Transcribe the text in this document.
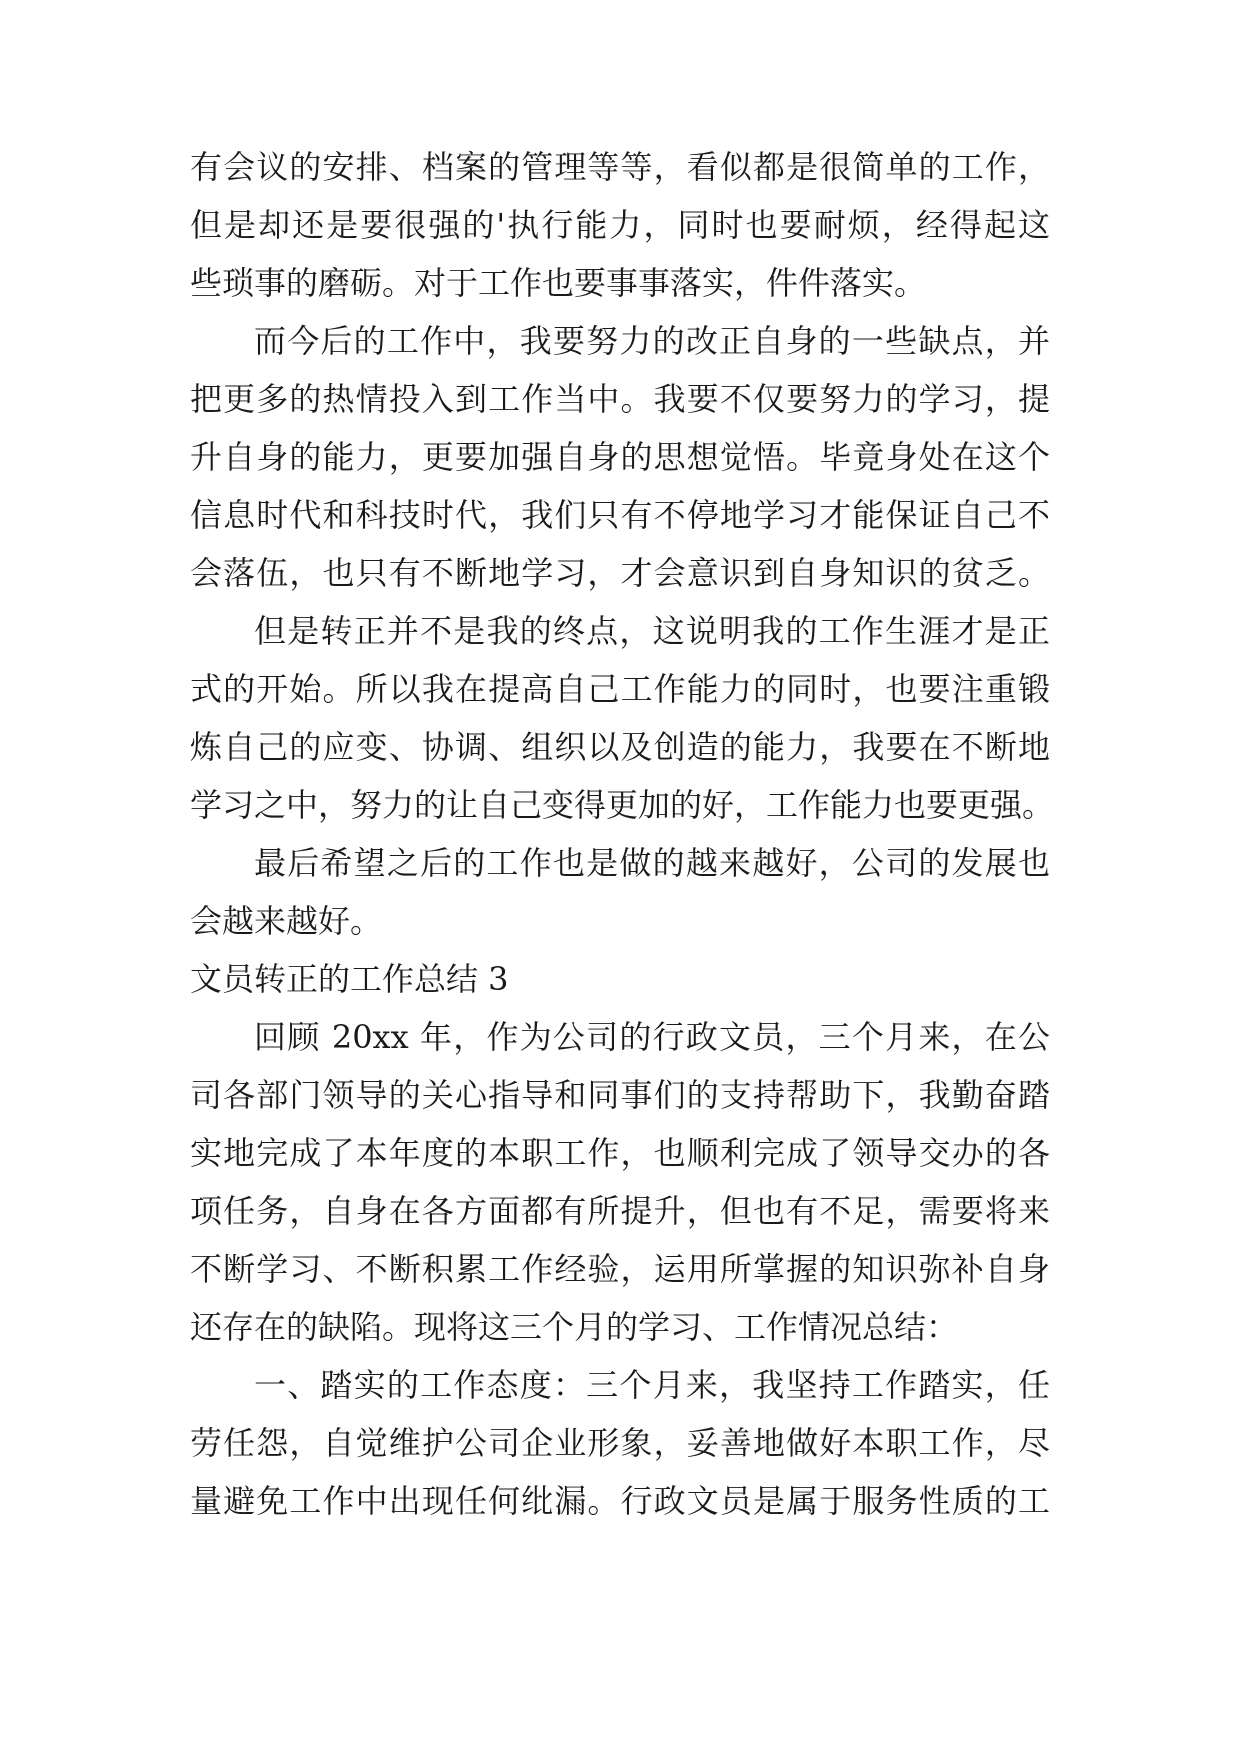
有会议的安排、档案的管理等等，看似都是很简单的工作，
但是却还是要很强的'执行能力，同时也要耐烦，经得起这
些琐事的磨砺。对于工作也要事事落实，件件落实。
而今后的工作中，我要努力的改正自身的一些缺点，并
把更多的热情投入到工作当中。我要不仅要努力的学习，提
升自身的能力，更要加强自身的思想觉悟。毕竟身处在这个
信息时代和科技时代，我们只有不停地学习才能保证自己不
会落伍，也只有不断地学习，才会意识到自身知识的贫乏。
但是转正并不是我的终点，这说明我的工作生涯才是正
式的开始。所以我在提高自己工作能力的同时，也要注重锻
炼自己的应变、协调、组织以及创造的能力，我要在不断地
学习之中，努力的让自己变得更加的好，工作能力也要更强。
最后希望之后的工作也是做的越来越好，公司的发展也
会越来越好。
文员转正的工作总结 3
回顾 20xx 年，作为公司的行政文员，三个月来，在公
司各部门领导的关心指导和同事们的支持帮助下，我勤奋踏
实地完成了本年度的本职工作，也顺利完成了领导交办的各
项任务，自身在各方面都有所提升，但也有不足，需要将来
不断学习、不断积累工作经验，运用所掌握的知识弥补自身
还存在的缺陷。现将这三个月的学习、工作情况总结：
一、踏实的工作态度：三个月来，我坚持工作踏实，任
劳任怨，自觉维护公司企业形象，妥善地做好本职工作，尽
量避免工作中出现任何纰漏。行政文员是属于服务性质的工
